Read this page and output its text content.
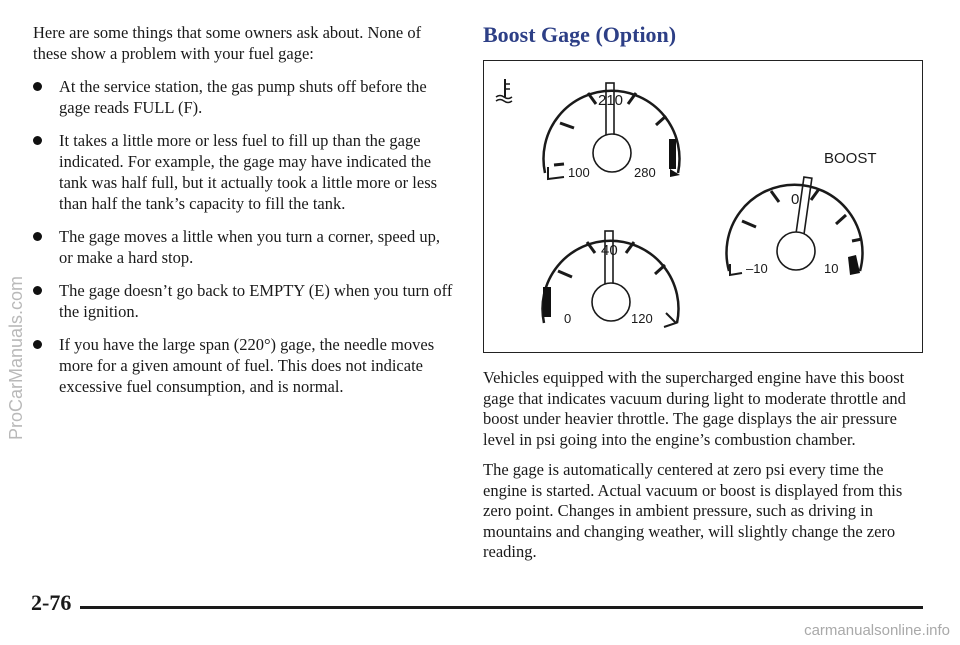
Here are some things that some owners ask about. None of these show a problem with your fuel gage:

At the service station, the gas pump shuts off before the gage reads FULL (F).
It takes a little more or less fuel to fill up than the gage indicated. For example, the gage may have indicated the tank was half full, but it actually took a little more or less than half the tank’s capacity to fill the tank.
The gage moves a little when you turn a corner, speed up, or make a hard stop.
The gage doesn’t go back to EMPTY (E) when you turn off the ignition.
If you have the large span (220°) gage, the needle moves more for a given amount of fuel. This does not indicate excessive fuel consumption, and is normal.
Boost Gage (Option)
210
100	280
40
0	120
BOOST
0
–10	10

Vehicles equipped with the supercharged engine have this boost gage that indicates vacuum during light to moderate throttle and boost under heavier throttle. The gage displays the air pressure level in psi going into the engine’s combustion chamber.

The gage is automatically centered at zero psi every time the engine is started. Actual vacuum or boost is displayed from this zero point. Changes in ambient pressure, such as driving in mountains and changing weather, will slightly change the zero reading.

2-76
ProCarManuals.com
carmanualsonline.info
